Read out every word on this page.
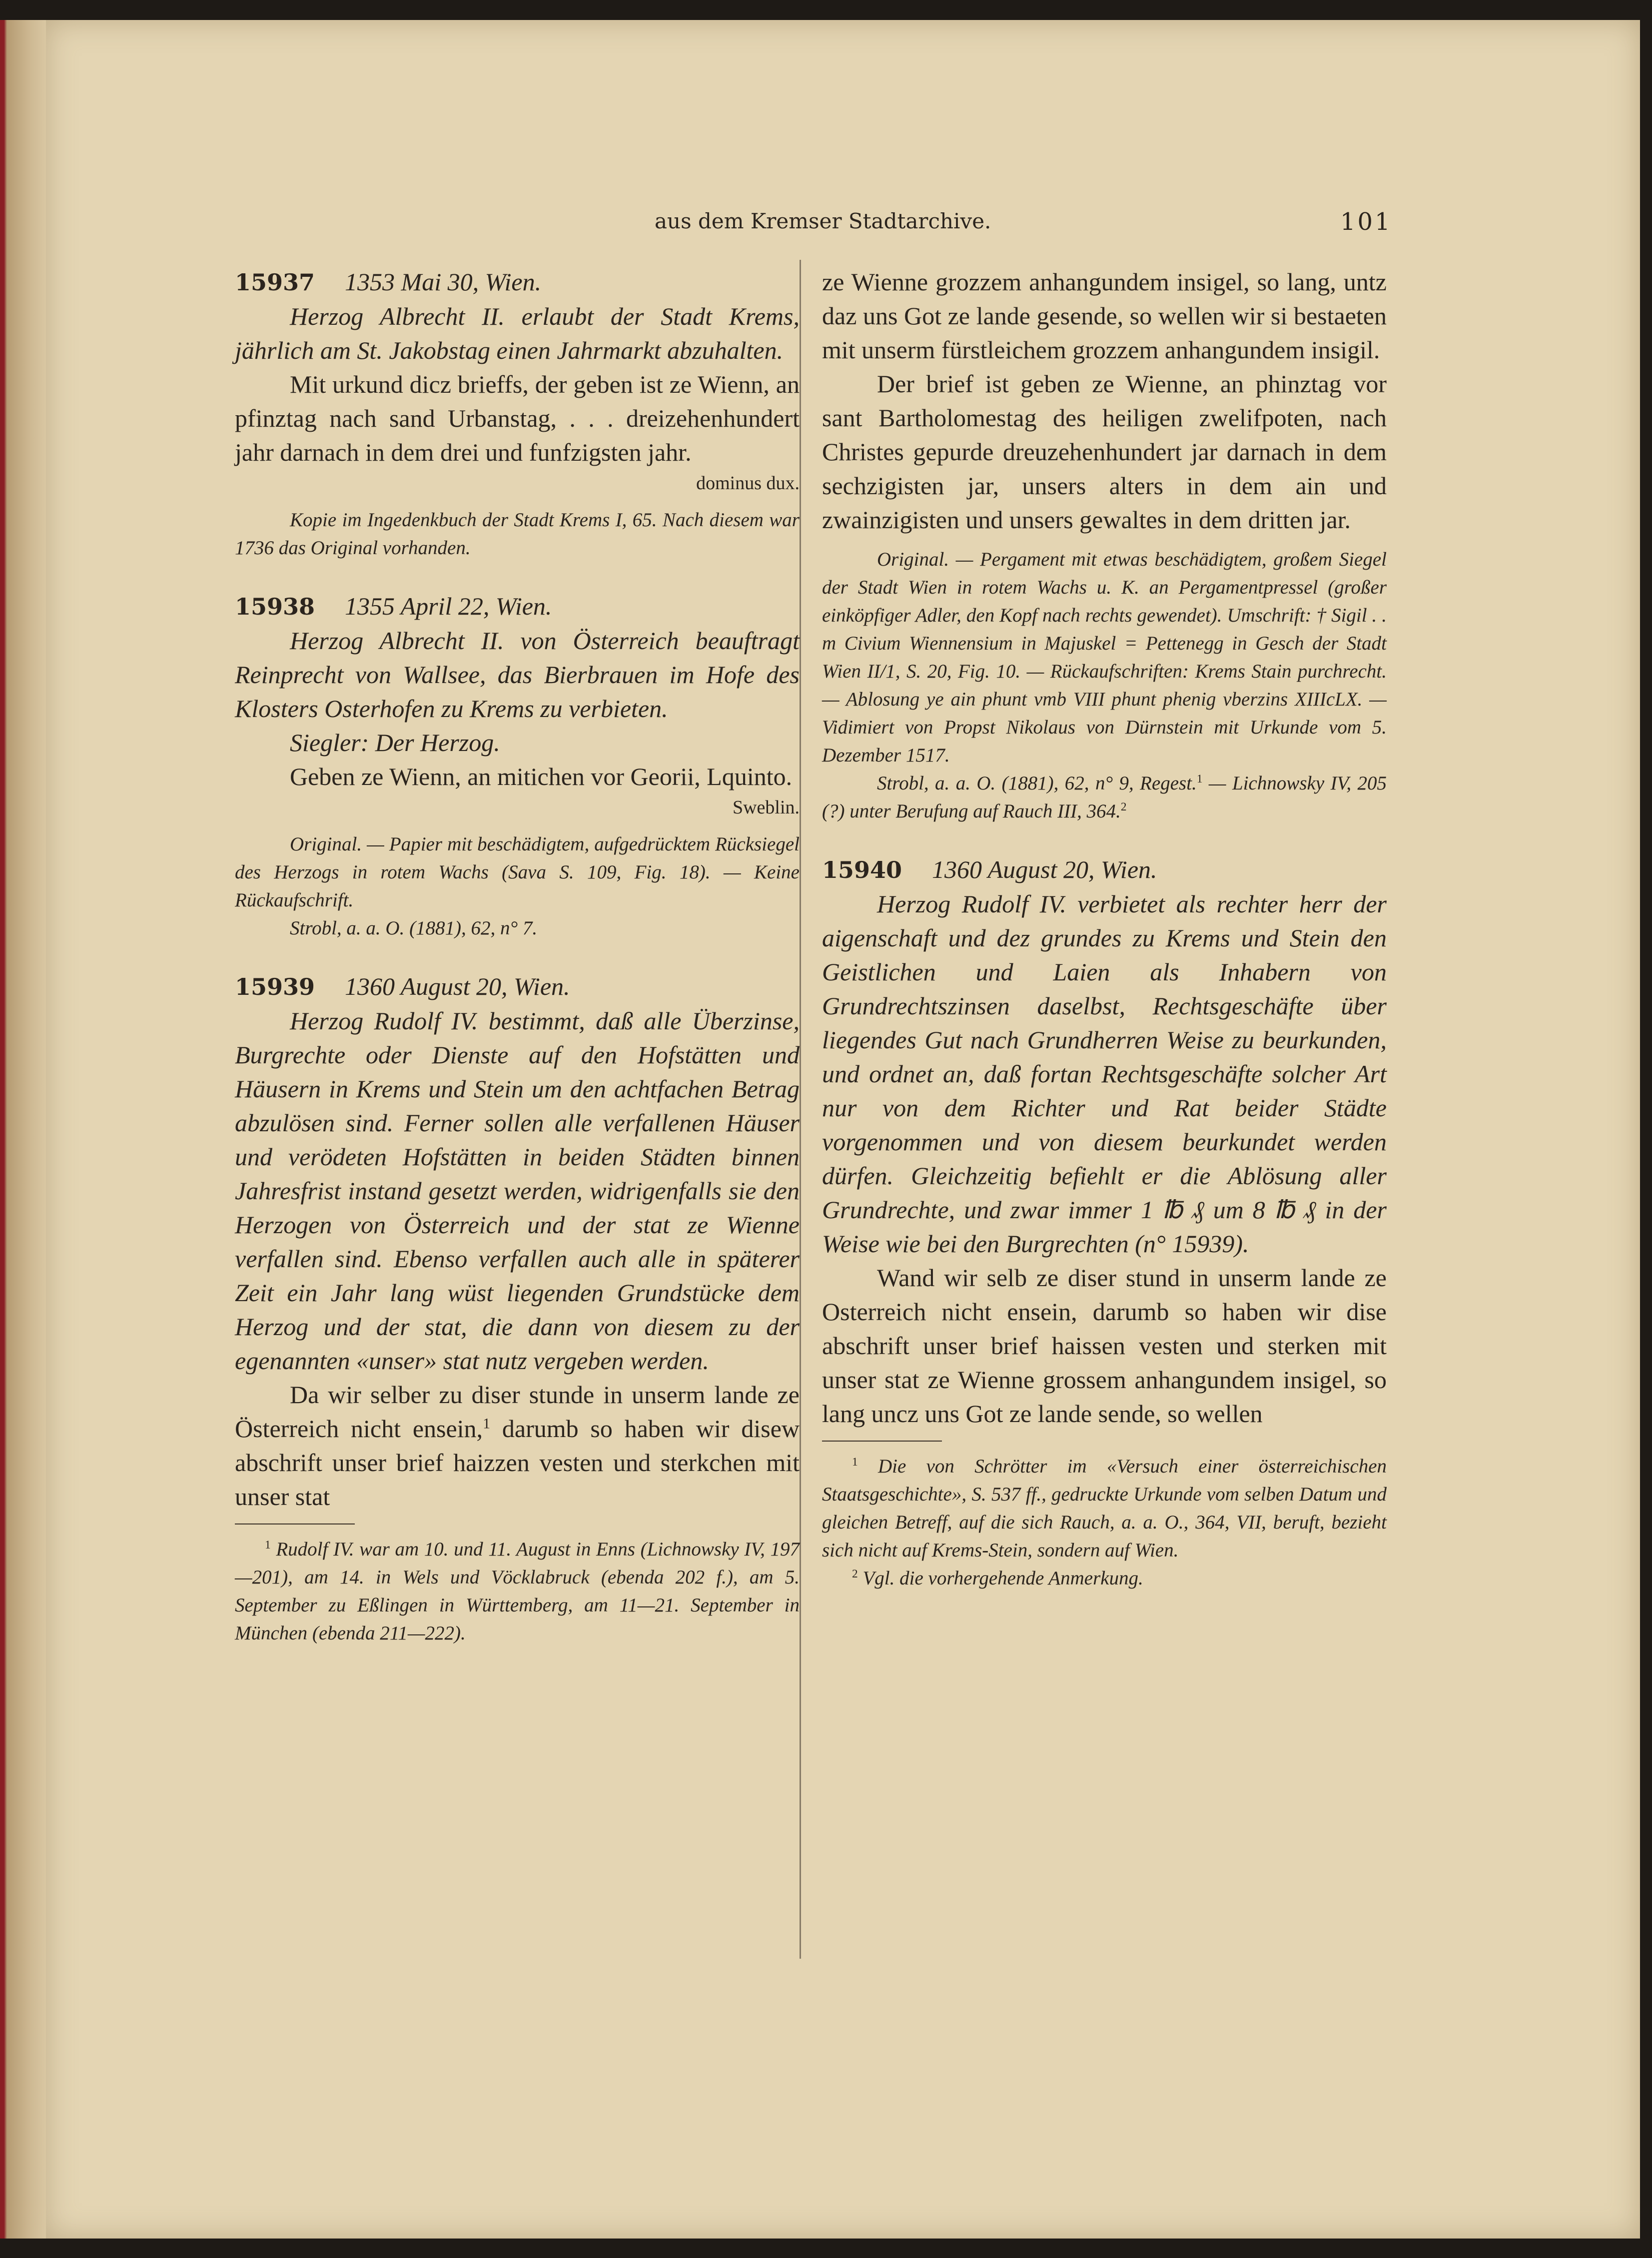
aus dem Kremser Stadtarchive.	101

15937 1353 Mai 30, Wien.

Herzog Albrecht II. erlaubt der Stadt Krems, jährlich am St. Jakobstag einen Jahrmarkt abzuhalten.

Mit urkund dicz brieffs, der geben ist ze Wienn, an pfinztag nach sand Urbanstag, . . . dreizehenhundert jahr darnach in dem drei und funfzigsten jahr.

dominus dux.

Kopie im Ingedenkbuch der Stadt Krems I, 65. Nach diesem war 1736 das Original vorhanden.

15938 1355 April 22, Wien.

Herzog Albrecht II. von Österreich beauftragt Reinprecht von Wallsee, das Bierbrauen im Hofe des Klosters Osterhofen zu Krems zu verbieten.

Siegler: Der Herzog.

Geben ze Wienn, an mitichen vor Georii, Lquinto.

Sweblin.

Original. — Papier mit beschädigtem, aufgedrücktem Rücksiegel des Herzogs in rotem Wachs (Sava S. 109, Fig. 18). — Keine Rückaufschrift.

Strobl, a. a. O. (1881), 62, n° 7.

15939 1360 August 20, Wien.

Herzog Rudolf IV. bestimmt, daß alle Überzinse, Burgrechte oder Dienste auf den Hofstätten und Häusern in Krems und Stein um den achtfachen Betrag abzulösen sind. Ferner sollen alle verfallenen Häuser und verödeten Hofstätten in beiden Städten binnen Jahresfrist instand gesetzt werden, widrigenfalls sie den Herzogen von Österreich und der stat ze Wienne verfallen sind. Ebenso verfallen auch alle in späterer Zeit ein Jahr lang wüst liegenden Grundstücke dem Herzog und der stat, die dann von diesem zu der egenannten «unser» stat nutz vergeben werden.

Da wir selber zu diser stunde in unserm lande ze Österreich nicht ensein,$^1$ darumb so haben wir disew abschrift unser brief haizzen vesten und sterkchen mit unser stat

$^1$ Rudolf IV. war am 10. und 11. August in Enns (Lichnowsky IV, 197—201), am 14. in Wels und Vöcklabruck (ebenda 202 f.), am 5. September zu Eßlingen in Württemberg, am 11—21. September in München (ebenda 211—222).

ze Wienne grozzem anhangundem insigel, so lang, untz daz uns Got ze lande gesende, so wellen wir si bestaeten mit unserm fürstleichem grozzem anhangundem insigil.

Der brief ist geben ze Wienne, an phinztag vor sant Bartholomestag des heiligen zwelifpoten, nach Christes gepurde dreuzehenhundert jar darnach in dem sechzigisten jar, unsers alters in dem ain und zwainzigisten und unsers gewaltes in dem dritten jar.

Original. — Pergament mit etwas beschädigtem, großem Siegel der Stadt Wien in rotem Wachs u. K. an Pergamentpressel (großer einköpfiger Adler, den Kopf nach rechts gewendet). Umschrift: † Sigil . . m Civium Wiennensium in Majuskel = Pettenegg in Gesch der Stadt Wien II/1, S. 20, Fig. 10. — Rückaufschriften: Krems Stain purchrecht. — Ablosung ye ain phunt vmb VIII phunt phenig vberzins XIIIcLX. — Vidimiert von Propst Nikolaus von Dürnstein mit Urkunde vom 5. Dezember 1517.

Strobl, a. a. O. (1881), 62, n° 9, Regest.$^1$ — Lichnowsky IV, 205 (?) unter Berufung auf Rauch III, 364.$^2$

15940 1360 August 20, Wien.

Herzog Rudolf IV. verbietet als rechter herr der aigenschaft und dez grundes zu Krems und Stein den Geistlichen und Laien als Inhabern von Grundrechtszinsen daselbst, Rechtsgeschäfte über liegendes Gut nach Grundherren Weise zu beurkunden, und ordnet an, daß fortan Rechtsgeschäfte solcher Art nur von dem Richter und Rat beider Städte vorgenommen und von diesem beurkundet werden dürfen. Gleichzeitig befiehlt er die Ablösung aller Grundrechte, und zwar immer 1 ℔ ₰ um 8 ℔ ₰ in der Weise wie bei den Burgrechten (n° 15939).

Wand wir selb ze diser stund in unserm lande ze Osterreich nicht ensein, darumb so haben wir dise abschrift unser brief haissen vesten und sterken mit unser stat ze Wienne grossem anhangundem insigel, so lang uncz uns Got ze lande sende, so wellen

$^1$ Die von Schrötter im «Versuch einer österreichischen Staatsgeschichte», S. 537 ff., gedruckte Urkunde vom selben Datum und gleichen Betreff, auf die sich Rauch, a. a. O., 364, VII, beruft, bezieht sich nicht auf Krems-Stein, sondern auf Wien.

$^2$ Vgl. die vorhergehende Anmerkung.
